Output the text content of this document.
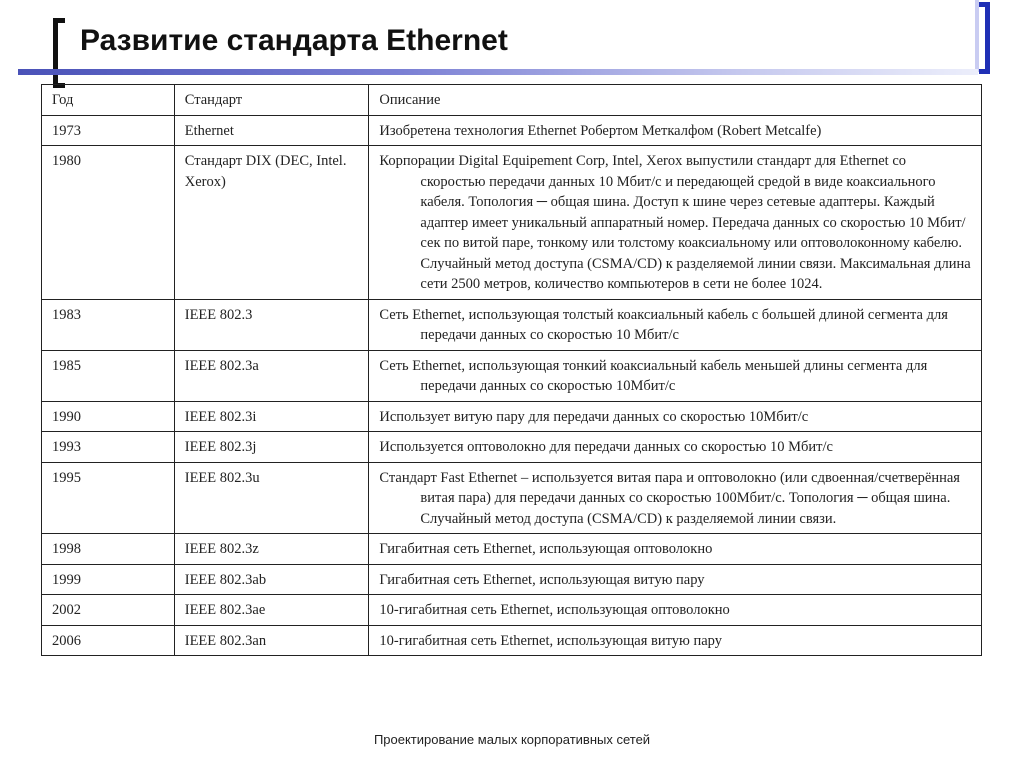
Развитие стандарта Ethernet
Год	Стандарт	Описание
1973	Ethernet	Изобретена технология Ethernet Робертом Меткалфом (Robert Metcalfe)
1980	Стандарт DIX (DEC, Intel. Xerox)	Корпорации Digital Equipement Corp, Intel, Xerox выпустили стандарт для Ethernet со скоростью передачи данных 10 Мбит/с и передающей средой в виде коаксиального кабеля. Топология ─ общая шина. Доступ к шине через сетевые адаптеры. Каждый адаптер имеет уникальный аппаратный номер. Передача данных со скоростью 10 Мбит/сек по витой паре, тонкому или толстому коаксиальному или оптоволоконному кабелю. Случайный метод доступа (CSMA/CD) к разделяемой линии связи. Максимальная длина сети 2500 метров, количество компьютеров в сети не более 1024.
1983	IEEE 802.3	Сеть Ethernet, использующая толстый коаксиальный кабель с большей длиной сегмента для передачи данных со скоростью 10 Мбит/с
1985	IEEE 802.3a	Сеть Ethernet, использующая тонкий коаксиальный кабель меньшей длины сегмента для передачи данных со скоростью 10Мбит/с
1990	IEEE 802.3i	Использует витую пару для передачи данных со скоростью 10Мбит/с
1993	IEEE 802.3j	Используется оптоволокно для передачи данных со скоростью 10 Мбит/с
1995	IEEE 802.3u	Стандарт Fast Ethernet – используется витая пара и оптоволокно (или сдвоенная/счетверённая витая пара) для передачи данных со скоростью 100Мбит/с. Топология ─ общая шина. Случайный метод доступа (CSMA/CD) к разделяемой линии связи.
1998	IEEE 802.3z	Гигабитная сеть Ethernet, использующая оптоволокно
1999	IEEE 802.3ab	Гигабитная сеть Ethernet, использующая витую пару
2002	IEEE 802.3ae	10-гигабитная сеть Ethernet, использующая оптоволокно
2006	IEEE 802.3an	10-гигабитная сеть Ethernet, использующая витую пару
Проектирование малых корпоративных сетей
